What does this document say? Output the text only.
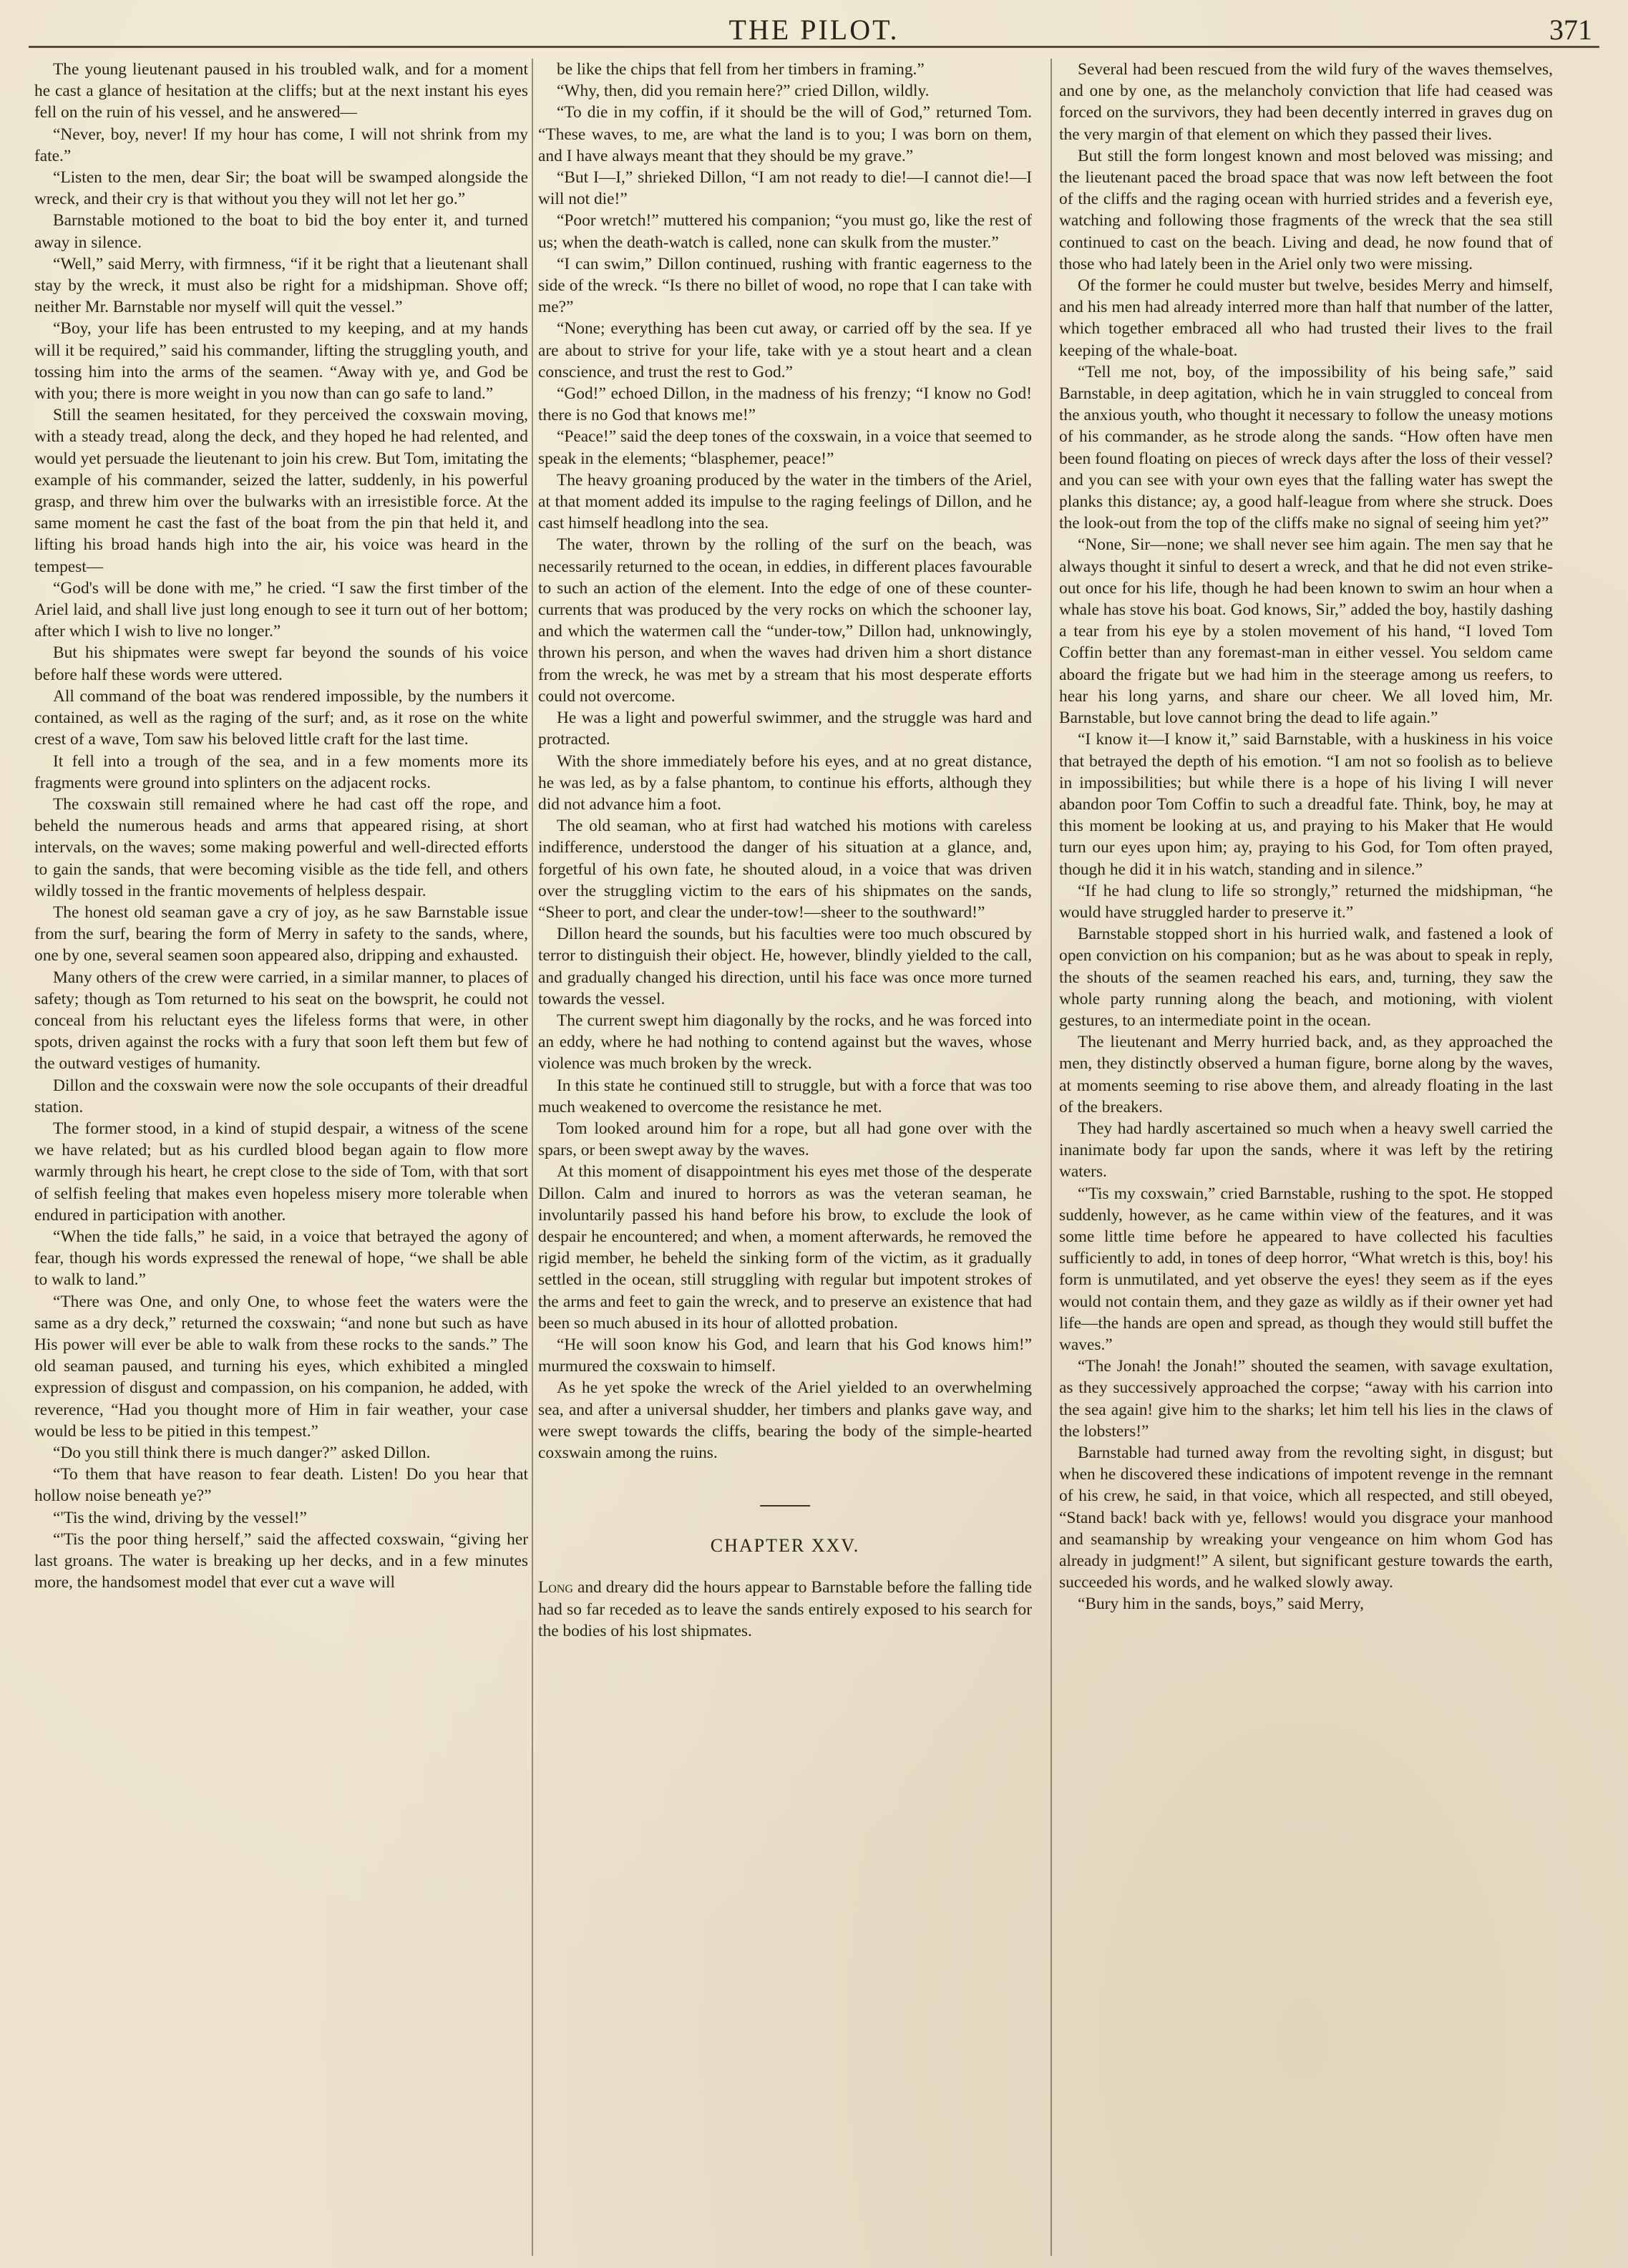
THE PILOT.	371

The young lieutenant paused in his troubled walk, and for a moment he cast a glance of hesitation at the cliffs; but at the next instant his eyes fell on the ruin of his vessel, and he answered—

“Never, boy, never! If my hour has come, I will not shrink from my fate.”

“Listen to the men, dear Sir; the boat will be swamped alongside the wreck, and their cry is that without you they will not let her go.”

Barnstable motioned to the boat to bid the boy enter it, and turned away in silence.

“Well,” said Merry, with firmness, “if it be right that a lieutenant shall stay by the wreck, it must also be right for a midshipman. Shove off; neither Mr. Barnstable nor myself will quit the vessel.”

“Boy, your life has been entrusted to my keeping, and at my hands will it be required,” said his commander, lifting the struggling youth, and tossing him into the arms of the seamen. “Away with ye, and God be with you; there is more weight in you now than can go safe to land.”

Still the seamen hesitated, for they perceived the coxswain moving, with a steady tread, along the deck, and they hoped he had relented, and would yet persuade the lieutenant to join his crew. But Tom, imitating the example of his commander, seized the latter, suddenly, in his powerful grasp, and threw him over the bulwarks with an irresistible force. At the same moment he cast the fast of the boat from the pin that held it, and lifting his broad hands high into the air, his voice was heard in the tempest—

“God's will be done with me,” he cried. “I saw the first timber of the Ariel laid, and shall live just long enough to see it turn out of her bottom; after which I wish to live no longer.”

But his shipmates were swept far beyond the sounds of his voice before half these words were uttered.

All command of the boat was rendered impossible, by the numbers it contained, as well as the raging of the surf; and, as it rose on the white crest of a wave, Tom saw his beloved little craft for the last time.

It fell into a trough of the sea, and in a few moments more its fragments were ground into splinters on the adjacent rocks.

The coxswain still remained where he had cast off the rope, and beheld the numerous heads and arms that appeared rising, at short intervals, on the waves; some making powerful and well-directed efforts to gain the sands, that were becoming visible as the tide fell, and others wildly tossed in the frantic movements of helpless despair.

The honest old seaman gave a cry of joy, as he saw Barnstable issue from the surf, bearing the form of Merry in safety to the sands, where, one by one, several seamen soon appeared also, dripping and exhausted.

Many others of the crew were carried, in a similar manner, to places of safety; though as Tom returned to his seat on the bowsprit, he could not conceal from his reluctant eyes the lifeless forms that were, in other spots, driven against the rocks with a fury that soon left them but few of the outward vestiges of humanity.

Dillon and the coxswain were now the sole occupants of their dreadful station.

The former stood, in a kind of stupid despair, a witness of the scene we have related; but as his curdled blood began again to flow more warmly through his heart, he crept close to the side of Tom, with that sort of selfish feeling that makes even hopeless misery more tolerable when endured in participation with another.

“When the tide falls,” he said, in a voice that betrayed the agony of fear, though his words expressed the renewal of hope, “we shall be able to walk to land.”

“There was One, and only One, to whose feet the waters were the same as a dry deck,” returned the coxswain; “and none but such as have His power will ever be able to walk from these rocks to the sands.” The old seaman paused, and turning his eyes, which exhibited a mingled expression of disgust and compassion, on his companion, he added, with reverence, “Had you thought more of Him in fair weather, your case would be less to be pitied in this tempest.”

“Do you still think there is much danger?” asked Dillon.

“To them that have reason to fear death. Listen! Do you hear that hollow noise beneath ye?”

“'Tis the wind, driving by the vessel!”

“'Tis the poor thing herself,” said the affected coxswain, “giving her last groans. The water is breaking up her decks, and in a few minutes more, the handsomest model that ever cut a wave will

be like the chips that fell from her timbers in framing.”

“Why, then, did you remain here?” cried Dillon, wildly.

“To die in my coffin, if it should be the will of God,” returned Tom. “These waves, to me, are what the land is to you; I was born on them, and I have always meant that they should be my grave.”

“But I—I,” shrieked Dillon, “I am not ready to die!—I cannot die!—I will not die!”

“Poor wretch!” muttered his companion; “you must go, like the rest of us; when the death-watch is called, none can skulk from the muster.”

“I can swim,” Dillon continued, rushing with frantic eagerness to the side of the wreck. “Is there no billet of wood, no rope that I can take with me?”

“None; everything has been cut away, or carried off by the sea. If ye are about to strive for your life, take with ye a stout heart and a clean conscience, and trust the rest to God.”

“God!” echoed Dillon, in the madness of his frenzy; “I know no God! there is no God that knows me!”

“Peace!” said the deep tones of the coxswain, in a voice that seemed to speak in the elements; “blasphemer, peace!”

The heavy groaning produced by the water in the timbers of the Ariel, at that moment added its impulse to the raging feelings of Dillon, and he cast himself headlong into the sea.

The water, thrown by the rolling of the surf on the beach, was necessarily returned to the ocean, in eddies, in different places favourable to such an action of the element. Into the edge of one of these counter-currents that was produced by the very rocks on which the schooner lay, and which the watermen call the “under-tow,” Dillon had, unknowingly, thrown his person, and when the waves had driven him a short distance from the wreck, he was met by a stream that his most desperate efforts could not overcome.

He was a light and powerful swimmer, and the struggle was hard and protracted.

With the shore immediately before his eyes, and at no great distance, he was led, as by a false phantom, to continue his efforts, although they did not advance him a foot.

The old seaman, who at first had watched his motions with careless indifference, understood the danger of his situation at a glance, and, forgetful of his own fate, he shouted aloud, in a voice that was driven over the struggling victim to the ears of his shipmates on the sands, “Sheer to port, and clear the under-tow!—sheer to the southward!”

Dillon heard the sounds, but his faculties were too much obscured by terror to distinguish their object. He, however, blindly yielded to the call, and gradually changed his direction, until his face was once more turned towards the vessel.

The current swept him diagonally by the rocks, and he was forced into an eddy, where he had nothing to contend against but the waves, whose violence was much broken by the wreck.

In this state he continued still to struggle, but with a force that was too much weakened to overcome the resistance he met.

Tom looked around him for a rope, but all had gone over with the spars, or been swept away by the waves.

At this moment of disappointment his eyes met those of the desperate Dillon. Calm and inured to horrors as was the veteran seaman, he involuntarily passed his hand before his brow, to exclude the look of despair he encountered; and when, a moment afterwards, he removed the rigid member, he beheld the sinking form of the victim, as it gradually settled in the ocean, still struggling with regular but impotent strokes of the arms and feet to gain the wreck, and to preserve an existence that had been so much abused in its hour of allotted probation.

“He will soon know his God, and learn that his God knows him!” murmured the coxswain to himself.

As he yet spoke the wreck of the Ariel yielded to an overwhelming sea, and after a universal shudder, her timbers and planks gave way, and were swept towards the cliffs, bearing the body of the simple-hearted coxswain among the ruins.

CHAPTER XXV.

Long and dreary did the hours appear to Barnstable before the falling tide had so far receded as to leave the sands entirely exposed to his search for the bodies of his lost shipmates.

Several had been rescued from the wild fury of the waves themselves, and one by one, as the melancholy conviction that life had ceased was forced on the survivors, they had been decently interred in graves dug on the very margin of that element on which they passed their lives.

But still the form longest known and most beloved was missing; and the lieutenant paced the broad space that was now left between the foot of the cliffs and the raging ocean with hurried strides and a feverish eye, watching and following those fragments of the wreck that the sea still continued to cast on the beach. Living and dead, he now found that of those who had lately been in the Ariel only two were missing.

Of the former he could muster but twelve, besides Merry and himself, and his men had already interred more than half that number of the latter, which together embraced all who had trusted their lives to the frail keeping of the whale-boat.

“Tell me not, boy, of the impossibility of his being safe,” said Barnstable, in deep agitation, which he in vain struggled to conceal from the anxious youth, who thought it necessary to follow the uneasy motions of his commander, as he strode along the sands. “How often have men been found floating on pieces of wreck days after the loss of their vessel? and you can see with your own eyes that the falling water has swept the planks this distance; ay, a good half-league from where she struck. Does the look-out from the top of the cliffs make no signal of seeing him yet?”

“None, Sir—none; we shall never see him again. The men say that he always thought it sinful to desert a wreck, and that he did not even strike-out once for his life, though he had been known to swim an hour when a whale has stove his boat. God knows, Sir,” added the boy, hastily dashing a tear from his eye by a stolen movement of his hand, “I loved Tom Coffin better than any foremast-man in either vessel. You seldom came aboard the frigate but we had him in the steerage among us reefers, to hear his long yarns, and share our cheer. We all loved him, Mr. Barnstable, but love cannot bring the dead to life again.”

“I know it—I know it,” said Barnstable, with a huskiness in his voice that betrayed the depth of his emotion. “I am not so foolish as to believe in impossibilities; but while there is a hope of his living I will never abandon poor Tom Coffin to such a dreadful fate. Think, boy, he may at this moment be looking at us, and praying to his Maker that He would turn our eyes upon him; ay, praying to his God, for Tom often prayed, though he did it in his watch, standing and in silence.”

“If he had clung to life so strongly,” returned the midshipman, “he would have struggled harder to preserve it.”

Barnstable stopped short in his hurried walk, and fastened a look of open conviction on his companion; but as he was about to speak in reply, the shouts of the seamen reached his ears, and, turning, they saw the whole party running along the beach, and motioning, with violent gestures, to an intermediate point in the ocean.

The lieutenant and Merry hurried back, and, as they approached the men, they distinctly observed a human figure, borne along by the waves, at moments seeming to rise above them, and already floating in the last of the breakers.

They had hardly ascertained so much when a heavy swell carried the inanimate body far upon the sands, where it was left by the retiring waters.

“'Tis my coxswain,” cried Barnstable, rushing to the spot. He stopped suddenly, however, as he came within view of the features, and it was some little time before he appeared to have collected his faculties sufficiently to add, in tones of deep horror, “What wretch is this, boy! his form is unmutilated, and yet observe the eyes! they seem as if the eyes would not contain them, and they gaze as wildly as if their owner yet had life—the hands are open and spread, as though they would still buffet the waves.”

“The Jonah! the Jonah!” shouted the seamen, with savage exultation, as they successively approached the corpse; “away with his carrion into the sea again! give him to the sharks; let him tell his lies in the claws of the lobsters!”

Barnstable had turned away from the revolting sight, in disgust; but when he discovered these indications of impotent revenge in the remnant of his crew, he said, in that voice, which all respected, and still obeyed, “Stand back! back with ye, fellows! would you disgrace your manhood and seamanship by wreaking your vengeance on him whom God has already in judgment!” A silent, but significant gesture towards the earth, succeeded his words, and he walked slowly away.

“Bury him in the sands, boys,” said Merry,
